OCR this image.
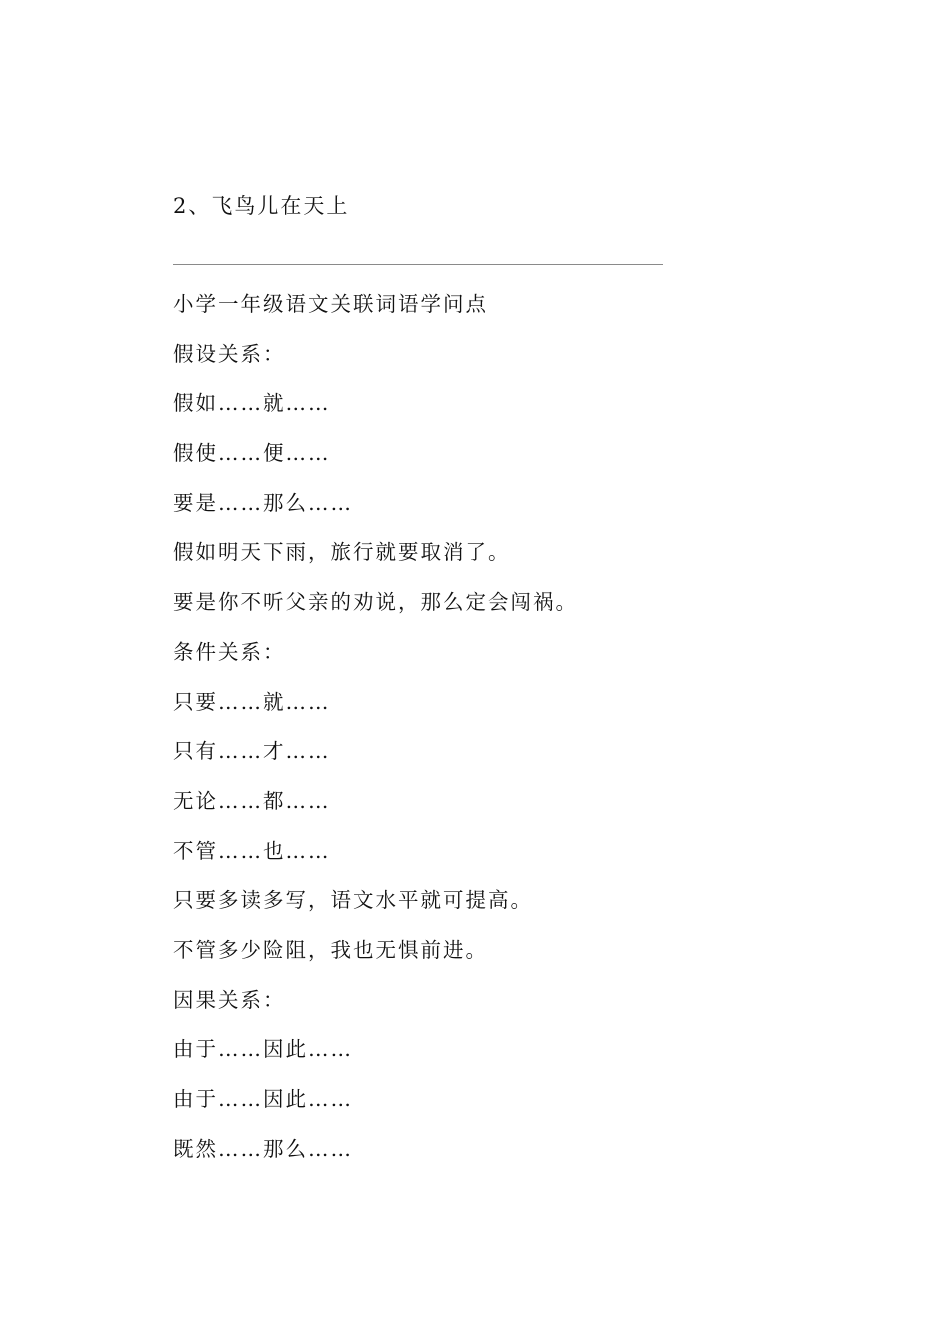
2、飞鸟儿在天上
小学一年级语文关联词语学问点
假设关系：
假如……就……
假使……便……
要是……那么……
假如明天下雨，旅行就要取消了。
要是你不听父亲的劝说，那么定会闯祸。
条件关系：
只要……就……
只有……才……
无论……都……
不管……也……
只要多读多写，语文水平就可提高。
不管多少险阻，我也无惧前进。
因果关系：
由于……因此……
由于……因此……
既然……那么……
